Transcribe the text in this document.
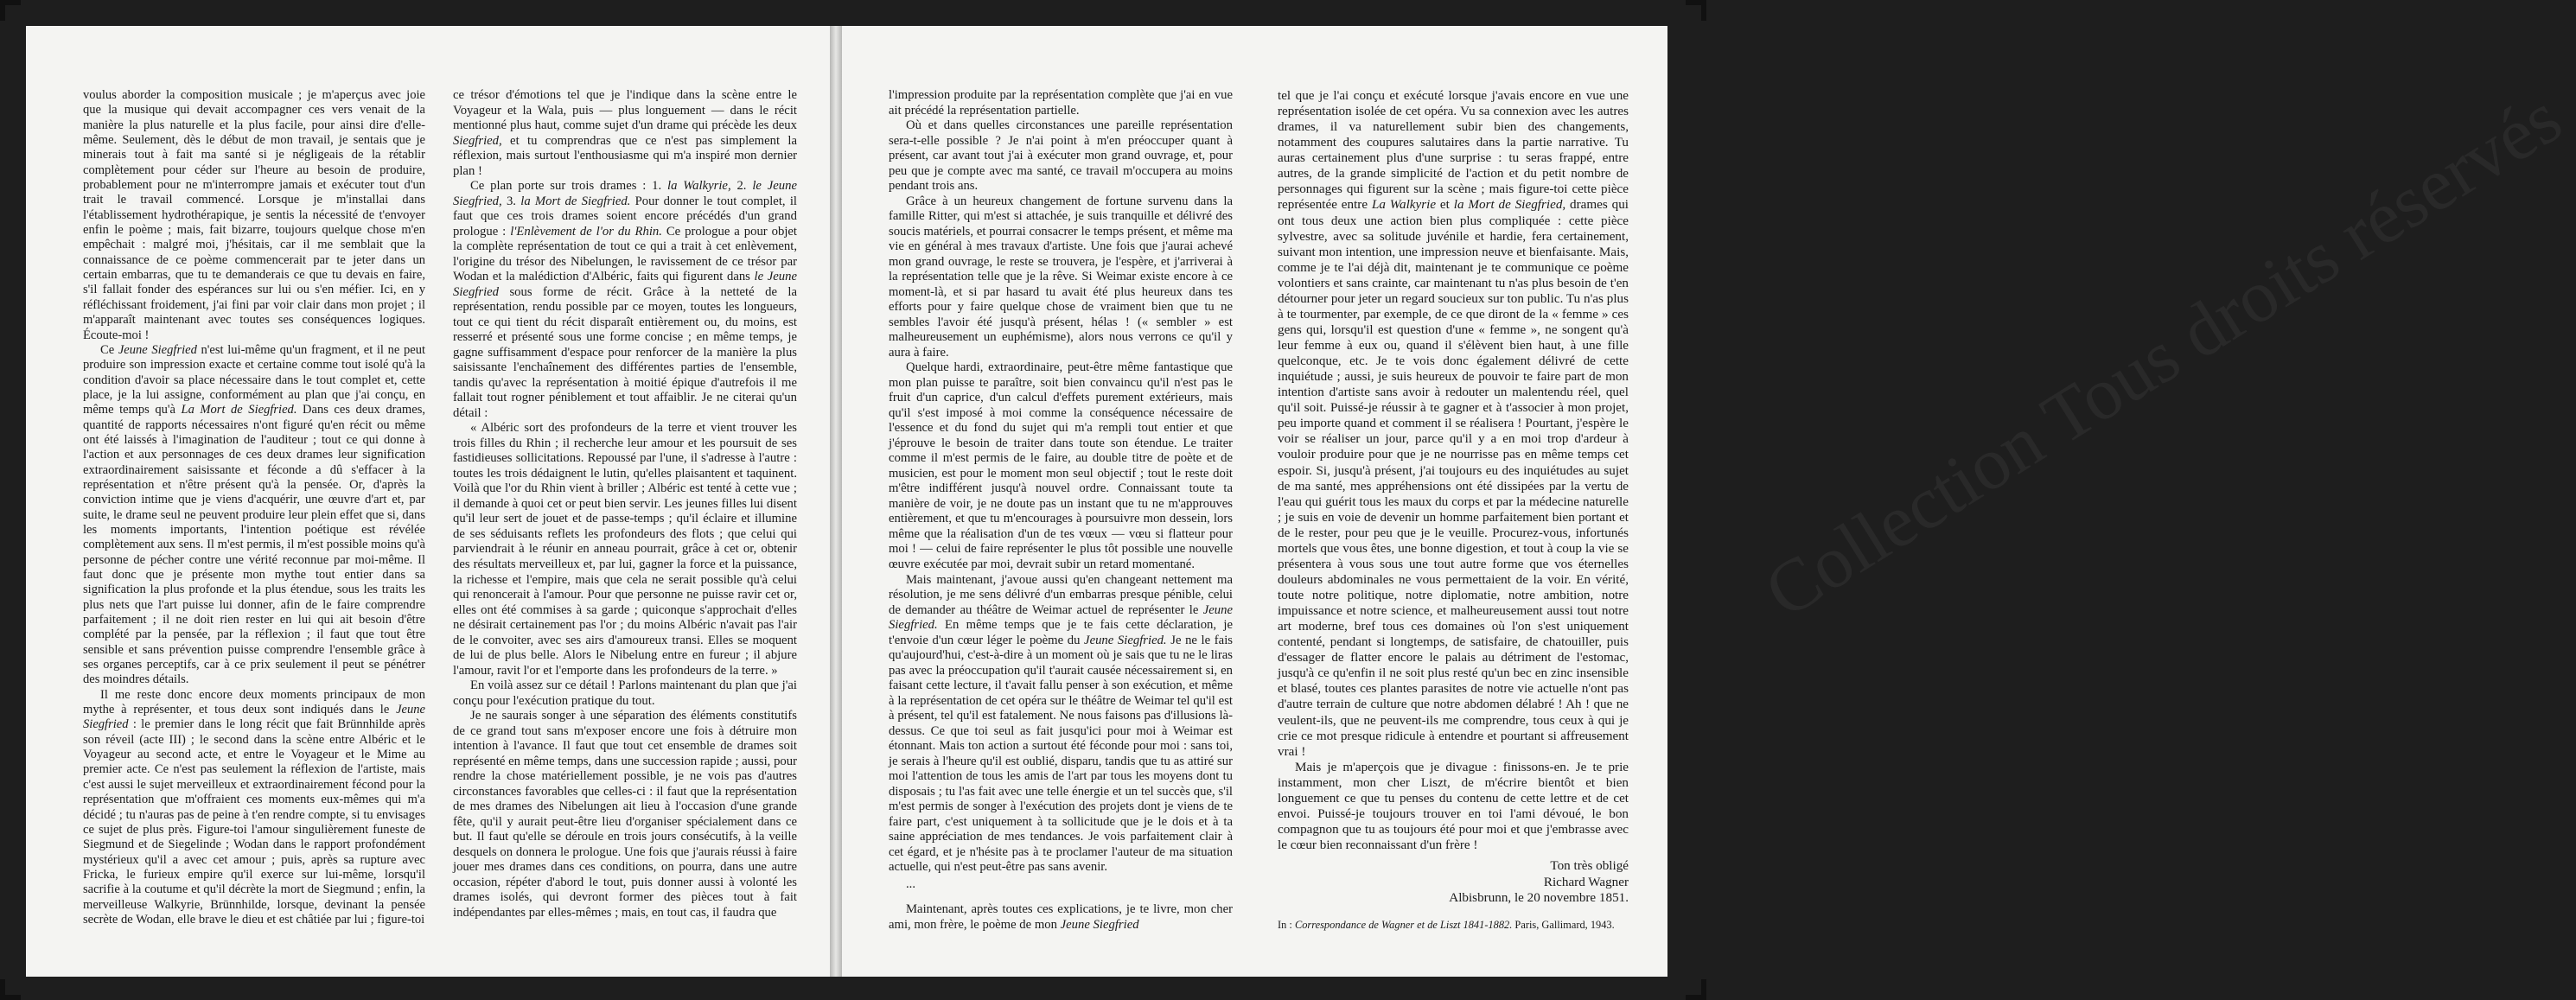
voulus aborder la composition musicale ; je m'aperçus avec joie que la musique qui devait accompagner ces vers venait de la manière la plus naturelle et la plus facile, pour ainsi dire d'elle-même. Seulement, dès le début de mon travail, je sentais que je minerais tout à fait ma santé si je négligeais de la rétablir complètement pour céder sur l'heure au besoin de produire, probablement pour ne m'interrompre jamais et exécuter tout d'un trait le travail commencé. Lorsque je m'installai dans l'établissement hydrothérapique, je sentis la nécessité de t'envoyer enfin le poème ; mais, fait bizarre, toujours quelque chose m'en empêchait : malgré moi, j'hésitais, car il me semblait que la connaissance de ce poème commencerait par te jeter dans un certain embarras, que tu te demanderais ce que tu devais en faire, s'il fallait fonder des espérances sur lui ou s'en méfier. Ici, en y réfléchissant froidement, j'ai fini par voir clair dans mon projet ; il m'apparaît maintenant avec toutes ses conséquences logiques. Écoute-moi !

Ce Jeune Siegfried n'est lui-même qu'un fragment, et il ne peut produire son impression exacte et certaine comme tout isolé qu'à la condition d'avoir sa place nécessaire dans le tout complet et, cette place, je la lui assigne, conformément au plan que j'ai conçu, en même temps qu'à La Mort de Siegfried. Dans ces deux drames, quantité de rapports nécessaires n'ont figuré qu'en récit ou même ont été laissés à l'imagination de l'auditeur ; tout ce qui donne à l'action et aux personnages de ces deux drames leur signification extraordinairement saisissante et féconde a dû s'effacer à la représentation et n'être présent qu'à la pensée. Or, d'après la conviction intime que je viens d'acquérir, une œuvre d'art et, par suite, le drame seul ne peuvent produire leur plein effet que si, dans les moments importants, l'intention poétique est révélée complètement aux sens. Il m'est permis, il m'est possible moins qu'à personne de pécher contre une vérité reconnue par moi-même. Il faut donc que je présente mon mythe tout entier dans sa signification la plus profonde et la plus étendue, sous les traits les plus nets que l'art puisse lui donner, afin de le faire comprendre parfaitement ; il ne doit rien rester en lui qui ait besoin d'être complété par la pensée, par la réflexion ; il faut que tout être sensible et sans prévention puisse comprendre l'ensemble grâce à ses organes perceptifs, car à ce prix seulement il peut se pénétrer des moindres détails.

Il me reste donc encore deux moments principaux de mon mythe à représenter, et tous deux sont indiqués dans le Jeune Siegfried : le premier dans le long récit que fait Brünnhilde après son réveil (acte III) ; le second dans la scène entre Albéric et le Voyageur au second acte, et entre le Voyageur et le Mime au premier acte. Ce n'est pas seulement la réflexion de l'artiste, mais c'est aussi le sujet merveilleux et extraordinairement fécond pour la représentation que m'offraient ces moments eux-mêmes qui m'a décidé ; tu n'auras pas de peine à t'en rendre compte, si tu envisages ce sujet de plus près. Figure-toi l'amour singulièrement funeste de Siegmund et de Siegelinde ; Wodan dans le rapport profondément mystérieux qu'il a avec cet amour ; puis, après sa rupture avec Fricka, le furieux empire qu'il exerce sur lui-même, lorsqu'il sacrifie à la coutume et qu'il décrète la mort de Siegmund ; enfin, la merveilleuse Walkyrie, Brünnhilde, lorsque, devinant la pensée secrète de Wodan, elle brave le dieu et est châtiée par lui ; figure-toi

ce trésor d'émotions tel que je l'indique dans la scène entre le Voyageur et la Wala, puis — plus longuement — dans le récit mentionné plus haut, comme sujet d'un drame qui précède les deux Siegfried, et tu comprendras que ce n'est pas simplement la réflexion, mais surtout l'enthousiasme qui m'a inspiré mon dernier plan !

Ce plan porte sur trois drames : 1. la Walkyrie, 2. le Jeune Siegfried, 3. la Mort de Siegfried. Pour donner le tout complet, il faut que ces trois drames soient encore précédés d'un grand prologue : l'Enlèvement de l'or du Rhin. Ce prologue a pour objet la complète représentation de tout ce qui a trait à cet enlèvement, l'origine du trésor des Nibelungen, le ravissement de ce trésor par Wodan et la malédiction d'Albéric, faits qui figurent dans le Jeune Siegfried sous forme de récit. Grâce à la netteté de la représentation, rendu possible par ce moyen, toutes les longueurs, tout ce qui tient du récit disparaît entièrement ou, du moins, est resserré et présenté sous une forme concise ; en même temps, je gagne suffisamment d'espace pour renforcer de la manière la plus saisissante l'enchaînement des différentes parties de l'ensemble, tandis qu'avec la représentation à moitié épique d'autrefois il me fallait tout rogner péniblement et tout affaiblir. Je ne citerai qu'un détail :

« Albéric sort des profondeurs de la terre et vient trouver les trois filles du Rhin ; il recherche leur amour et les poursuit de ses fastidieuses sollicitations. Repoussé par l'une, il s'adresse à l'autre : toutes les trois dédaignent le lutin, qu'elles plaisantent et taquinent. Voilà que l'or du Rhin vient à briller ; Albéric est tenté à cette vue ; il demande à quoi cet or peut bien servir. Les jeunes filles lui disent qu'il leur sert de jouet et de passe-temps ; qu'il éclaire et illumine de ses séduisants reflets les profondeurs des flots ; que celui qui parviendrait à le réunir en anneau pourrait, grâce à cet or, obtenir des résultats merveilleux et, par lui, gagner la force et la puissance, la richesse et l'empire, mais que cela ne serait possible qu'à celui qui renoncerait à l'amour. Pour que personne ne puisse ravir cet or, elles ont été commises à sa garde ; quiconque s'approchait d'elles ne désirait certainement pas l'or ; du moins Albéric n'avait pas l'air de le convoiter, avec ses airs d'amoureux transi. Elles se moquent de lui de plus belle. Alors le Nibelung entre en fureur ; il abjure l'amour, ravit l'or et l'emporte dans les profondeurs de la terre. »

En voilà assez sur ce détail ! Parlons maintenant du plan que j'ai conçu pour l'exécution pratique du tout.

Je ne saurais songer à une séparation des éléments constitutifs de ce grand tout sans m'exposer encore une fois à détruire mon intention à l'avance. Il faut que tout cet ensemble de drames soit représenté en même temps, dans une succession rapide ; aussi, pour rendre la chose matériellement possible, je ne vois pas d'autres circonstances favorables que celles-ci : il faut que la représentation de mes drames des Nibelungen ait lieu à l'occasion d'une grande fête, qu'il y aurait peut-être lieu d'organiser spécialement dans ce but. Il faut qu'elle se déroule en trois jours consécutifs, à la veille desquels on donnera le prologue. Une fois que j'aurais réussi à faire jouer mes drames dans ces conditions, on pourra, dans une autre occasion, répéter d'abord le tout, puis donner aussi à volonté les drames isolés, qui devront former des pièces tout à fait indépendantes par elles-mêmes ; mais, en tout cas, il faudra que

l'impression produite par la représentation complète que j'ai en vue ait précédé la représentation partielle.

Où et dans quelles circonstances une pareille représentation sera-t-elle possible ? Je n'ai point à m'en préoccuper quant à présent, car avant tout j'ai à exécuter mon grand ouvrage, et, pour peu que je compte avec ma santé, ce travail m'occupera au moins pendant trois ans.

Grâce à un heureux changement de fortune survenu dans la famille Ritter, qui m'est si attachée, je suis tranquille et délivré des soucis matériels, et pourrai consacrer le temps présent, et même ma vie en général à mes travaux d'artiste. Une fois que j'aurai achevé mon grand ouvrage, le reste se trouvera, je l'espère, et j'arriverai à la représentation telle que je la rêve. Si Weimar existe encore à ce moment-là, et si par hasard tu avait été plus heureux dans tes efforts pour y faire quelque chose de vraiment bien que tu ne sembles l'avoir été jusqu'à présent, hélas ! (« sembler » est malheureusement un euphémisme), alors nous verrons ce qu'il y aura à faire.

Quelque hardi, extraordinaire, peut-être même fantastique que mon plan puisse te paraître, soit bien convaincu qu'il n'est pas le fruit d'un caprice, d'un calcul d'effets purement extérieurs, mais qu'il s'est imposé à moi comme la conséquence nécessaire de l'essence et du fond du sujet qui m'a rempli tout entier et que j'éprouve le besoin de traiter dans toute son étendue. Le traiter comme il m'est permis de le faire, au double titre de poète et de musicien, est pour le moment mon seul objectif ; tout le reste doit m'être indifférent jusqu'à nouvel ordre. Connaissant toute ta manière de voir, je ne doute pas un instant que tu ne m'approuves entièrement, et que tu m'encourages à poursuivre mon dessein, lors même que la réalisation d'un de tes vœux — vœu si flatteur pour moi ! — celui de faire représenter le plus tôt possible une nouvelle œuvre exécutée par moi, devrait subir un retard momentané.

Mais maintenant, j'avoue aussi qu'en changeant nettement ma résolution, je me sens délivré d'un embarras presque pénible, celui de demander au théâtre de Weimar actuel de représenter le Jeune Siegfried. En même temps que je te fais cette déclaration, je t'envoie d'un cœur léger le poème du Jeune Siegfried. Je ne le fais qu'aujourd'hui, c'est-à-dire à un moment où je sais que tu ne le liras pas avec la préoccupation qu'il t'aurait causée nécessairement si, en faisant cette lecture, il t'avait fallu penser à son exécution, et même à la représentation de cet opéra sur le théâtre de Weimar tel qu'il est à présent, tel qu'il est fatalement. Ne nous faisons pas d'illusions là-dessus. Ce que toi seul as fait jusqu'ici pour moi à Weimar est étonnant. Mais ton action a surtout été féconde pour moi : sans toi, je serais à l'heure qu'il est oublié, disparu, tandis que tu as attiré sur moi l'attention de tous les amis de l'art par tous les moyens dont tu disposais ; tu l'as fait avec une telle énergie et un tel succès que, s'il m'est permis de songer à l'exécution des projets dont je viens de te faire part, c'est uniquement à ta sollicitude que je le dois et à ta saine appréciation de mes tendances. Je vois parfaitement clair à cet égard, et je n'hésite pas à te proclamer l'auteur de ma situation actuelle, qui n'est peut-être pas sans avenir.

...

Maintenant, après toutes ces explications, je te livre, mon cher ami, mon frère, le poème de mon Jeune Siegfried

tel que je l'ai conçu et exécuté lorsque j'avais encore en vue une représentation isolée de cet opéra. Vu sa connexion avec les autres drames, il va naturellement subir bien des changements, notamment des coupures salutaires dans la partie narrative. Tu auras certainement plus d'une surprise : tu seras frappé, entre autres, de la grande simplicité de l'action et du petit nombre de personnages qui figurent sur la scène ; mais figure-toi cette pièce représentée entre La Walkyrie et la Mort de Siegfried, drames qui ont tous deux une action bien plus compliquée : cette pièce sylvestre, avec sa solitude juvénile et hardie, fera certainement, suivant mon intention, une impression neuve et bienfaisante. Mais, comme je te l'ai déjà dit, maintenant je te communique ce poème volontiers et sans crainte, car maintenant tu n'as plus besoin de t'en détourner pour jeter un regard soucieux sur ton public. Tu n'as plus à te tourmenter, par exemple, de ce que diront de la « femme » ces gens qui, lorsqu'il est question d'une « femme », ne songent qu'à leur femme à eux ou, quand il s'élèvent bien haut, à une fille quelconque, etc. Je te vois donc également délivré de cette inquiétude ; aussi, je suis heureux de pouvoir te faire part de mon intention d'artiste sans avoir à redouter un malentendu réel, quel qu'il soit. Puissé-je réussir à te gagner et à t'associer à mon projet, peu importe quand et comment il se réalisera ! Pourtant, j'espère le voir se réaliser un jour, parce qu'il y a en moi trop d'ardeur à vouloir produire pour que je ne nourrisse pas en même temps cet espoir. Si, jusqu'à présent, j'ai toujours eu des inquiétudes au sujet de ma santé, mes appréhensions ont été dissipées par la vertu de l'eau qui guérit tous les maux du corps et par la médecine naturelle ; je suis en voie de devenir un homme parfaitement bien portant et de le rester, pour peu que je le veuille. Procurez-vous, infortunés mortels que vous êtes, une bonne digestion, et tout à coup la vie se présentera à vous sous une tout autre forme que vos éternelles douleurs abdominales ne vous permettaient de la voir. En vérité, toute notre politique, notre diplomatie, notre ambition, notre impuissance et notre science, et malheureusement aussi tout notre art moderne, bref tous ces domaines où l'on s'est uniquement contenté, pendant si longtemps, de satisfaire, de chatouiller, puis d'essager de flatter encore le palais au détriment de l'estomac, jusqu'à ce qu'enfin il ne soit plus resté qu'un bec en zinc insensible et blasé, toutes ces plantes parasites de notre vie actuelle n'ont pas d'autre terrain de culture que notre abdomen délabré ! Ah ! que ne veulent-ils, que ne peuvent-ils me comprendre, tous ceux à qui je crie ce mot presque ridicule à entendre et pourtant si affreusement vrai !

Mais je m'aperçois que je divague : finissons-en. Je te prie instamment, mon cher Liszt, de m'écrire bientôt et bien longuement ce que tu penses du contenu de cette lettre et de cet envoi. Puissé-je toujours trouver en toi l'ami dévoué, le bon compagnon que tu as toujours été pour moi et que j'embrasse avec le cœur bien reconnaissant d'un frère !

Ton très obligé
Richard Wagner
Albisbrunn, le 20 novembre 1851.
In : Correspondance de Wagner et de Liszt 1841-1882. Paris, Gallimard, 1943.
Collection Tous droits réservés
